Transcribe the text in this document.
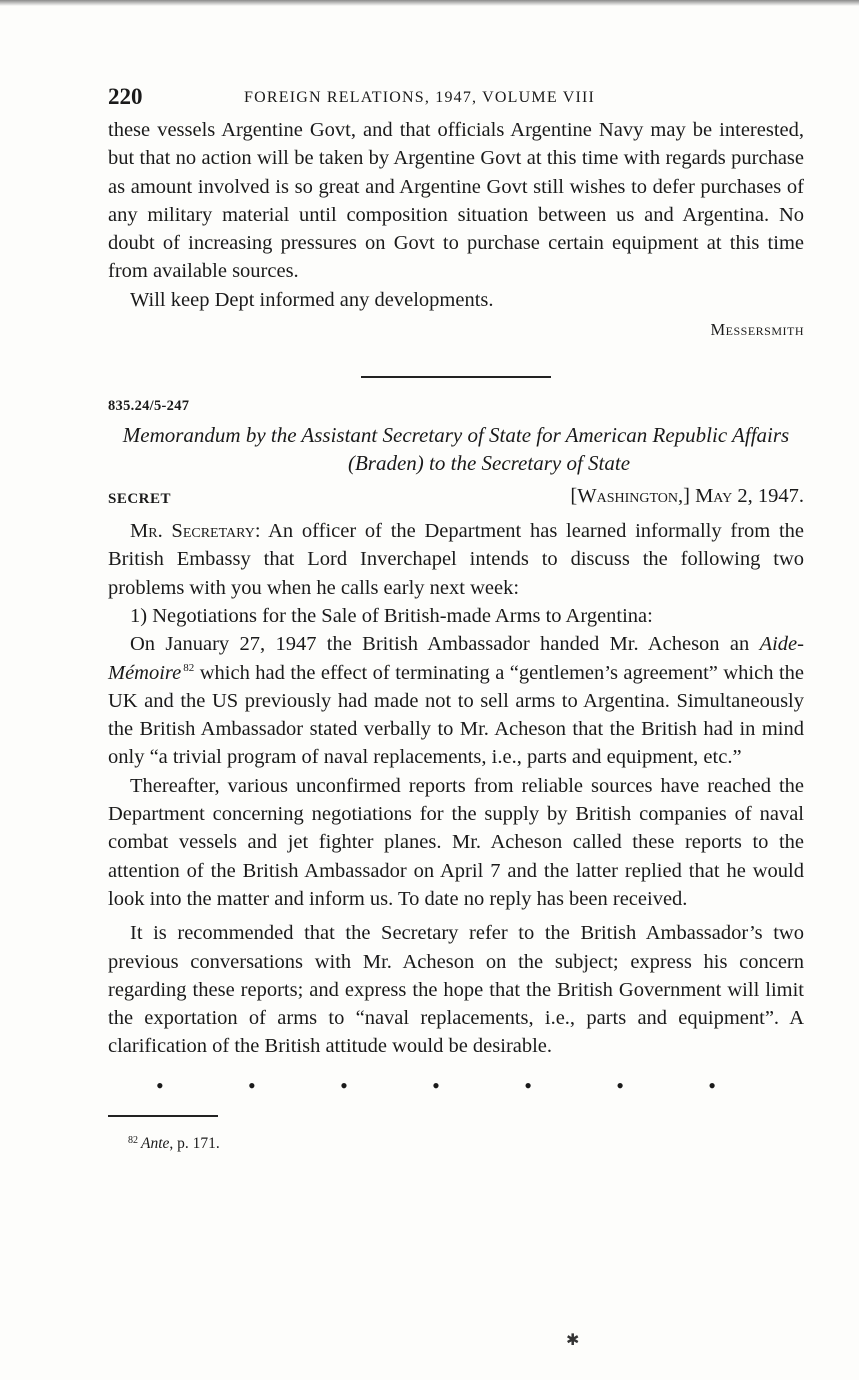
220	FOREIGN RELATIONS, 1947, VOLUME VIII

these vessels Argentine Govt, and that officials Argentine Navy may be interested, but that no action will be taken by Argentine Govt at this time with regards purchase as amount involved is so great and Argentine Govt still wishes to defer purchases of any military material until composition situation between us and Argentina. No doubt of increasing pressures on Govt to purchase certain equipment at this time from available sources.

Will keep Dept informed any developments.

Messersmith
835.24/5-247
Memorandum by the Assistant Secretary of State for American Republic Affairs (Braden) to the Secretary of State
SECRET	[Washington,] May 2, 1947.

Mr. Secretary: An officer of the Department has learned informally from the British Embassy that Lord Inverchapel intends to discuss the following two problems with you when he calls early next week:

1) Negotiations for the Sale of British-made Arms to Argentina:

On January 27, 1947 the British Ambassador handed Mr. Acheson an Aide-Mémoire $^{82}$ which had the effect of terminating a “gentlemen’s agreement” which the UK and the US previously had made not to sell arms to Argentina. Simultaneously the British Ambassador stated verbally to Mr. Acheson that the British had in mind only “a trivial program of naval replacements, i.e., parts and equipment, etc.”

Thereafter, various unconfirmed reports from reliable sources have reached the Department concerning negotiations for the supply by British companies of naval combat vessels and jet fighter planes. Mr. Acheson called these reports to the attention of the British Ambassador on April 7 and the latter replied that he would look into the matter and inform us. To date no reply has been received.

It is recommended that the Secretary refer to the British Ambassador’s two previous conversations with Mr. Acheson on the subject; express his concern regarding these reports; and express the hope that the British Government will limit the exportation of arms to “naval replacements, i.e., parts and equipment”. A clarification of the British attitude would be desirable.

•	•	•	•	•	•	•
$^{82}$ Ante, p. 171.
✱
